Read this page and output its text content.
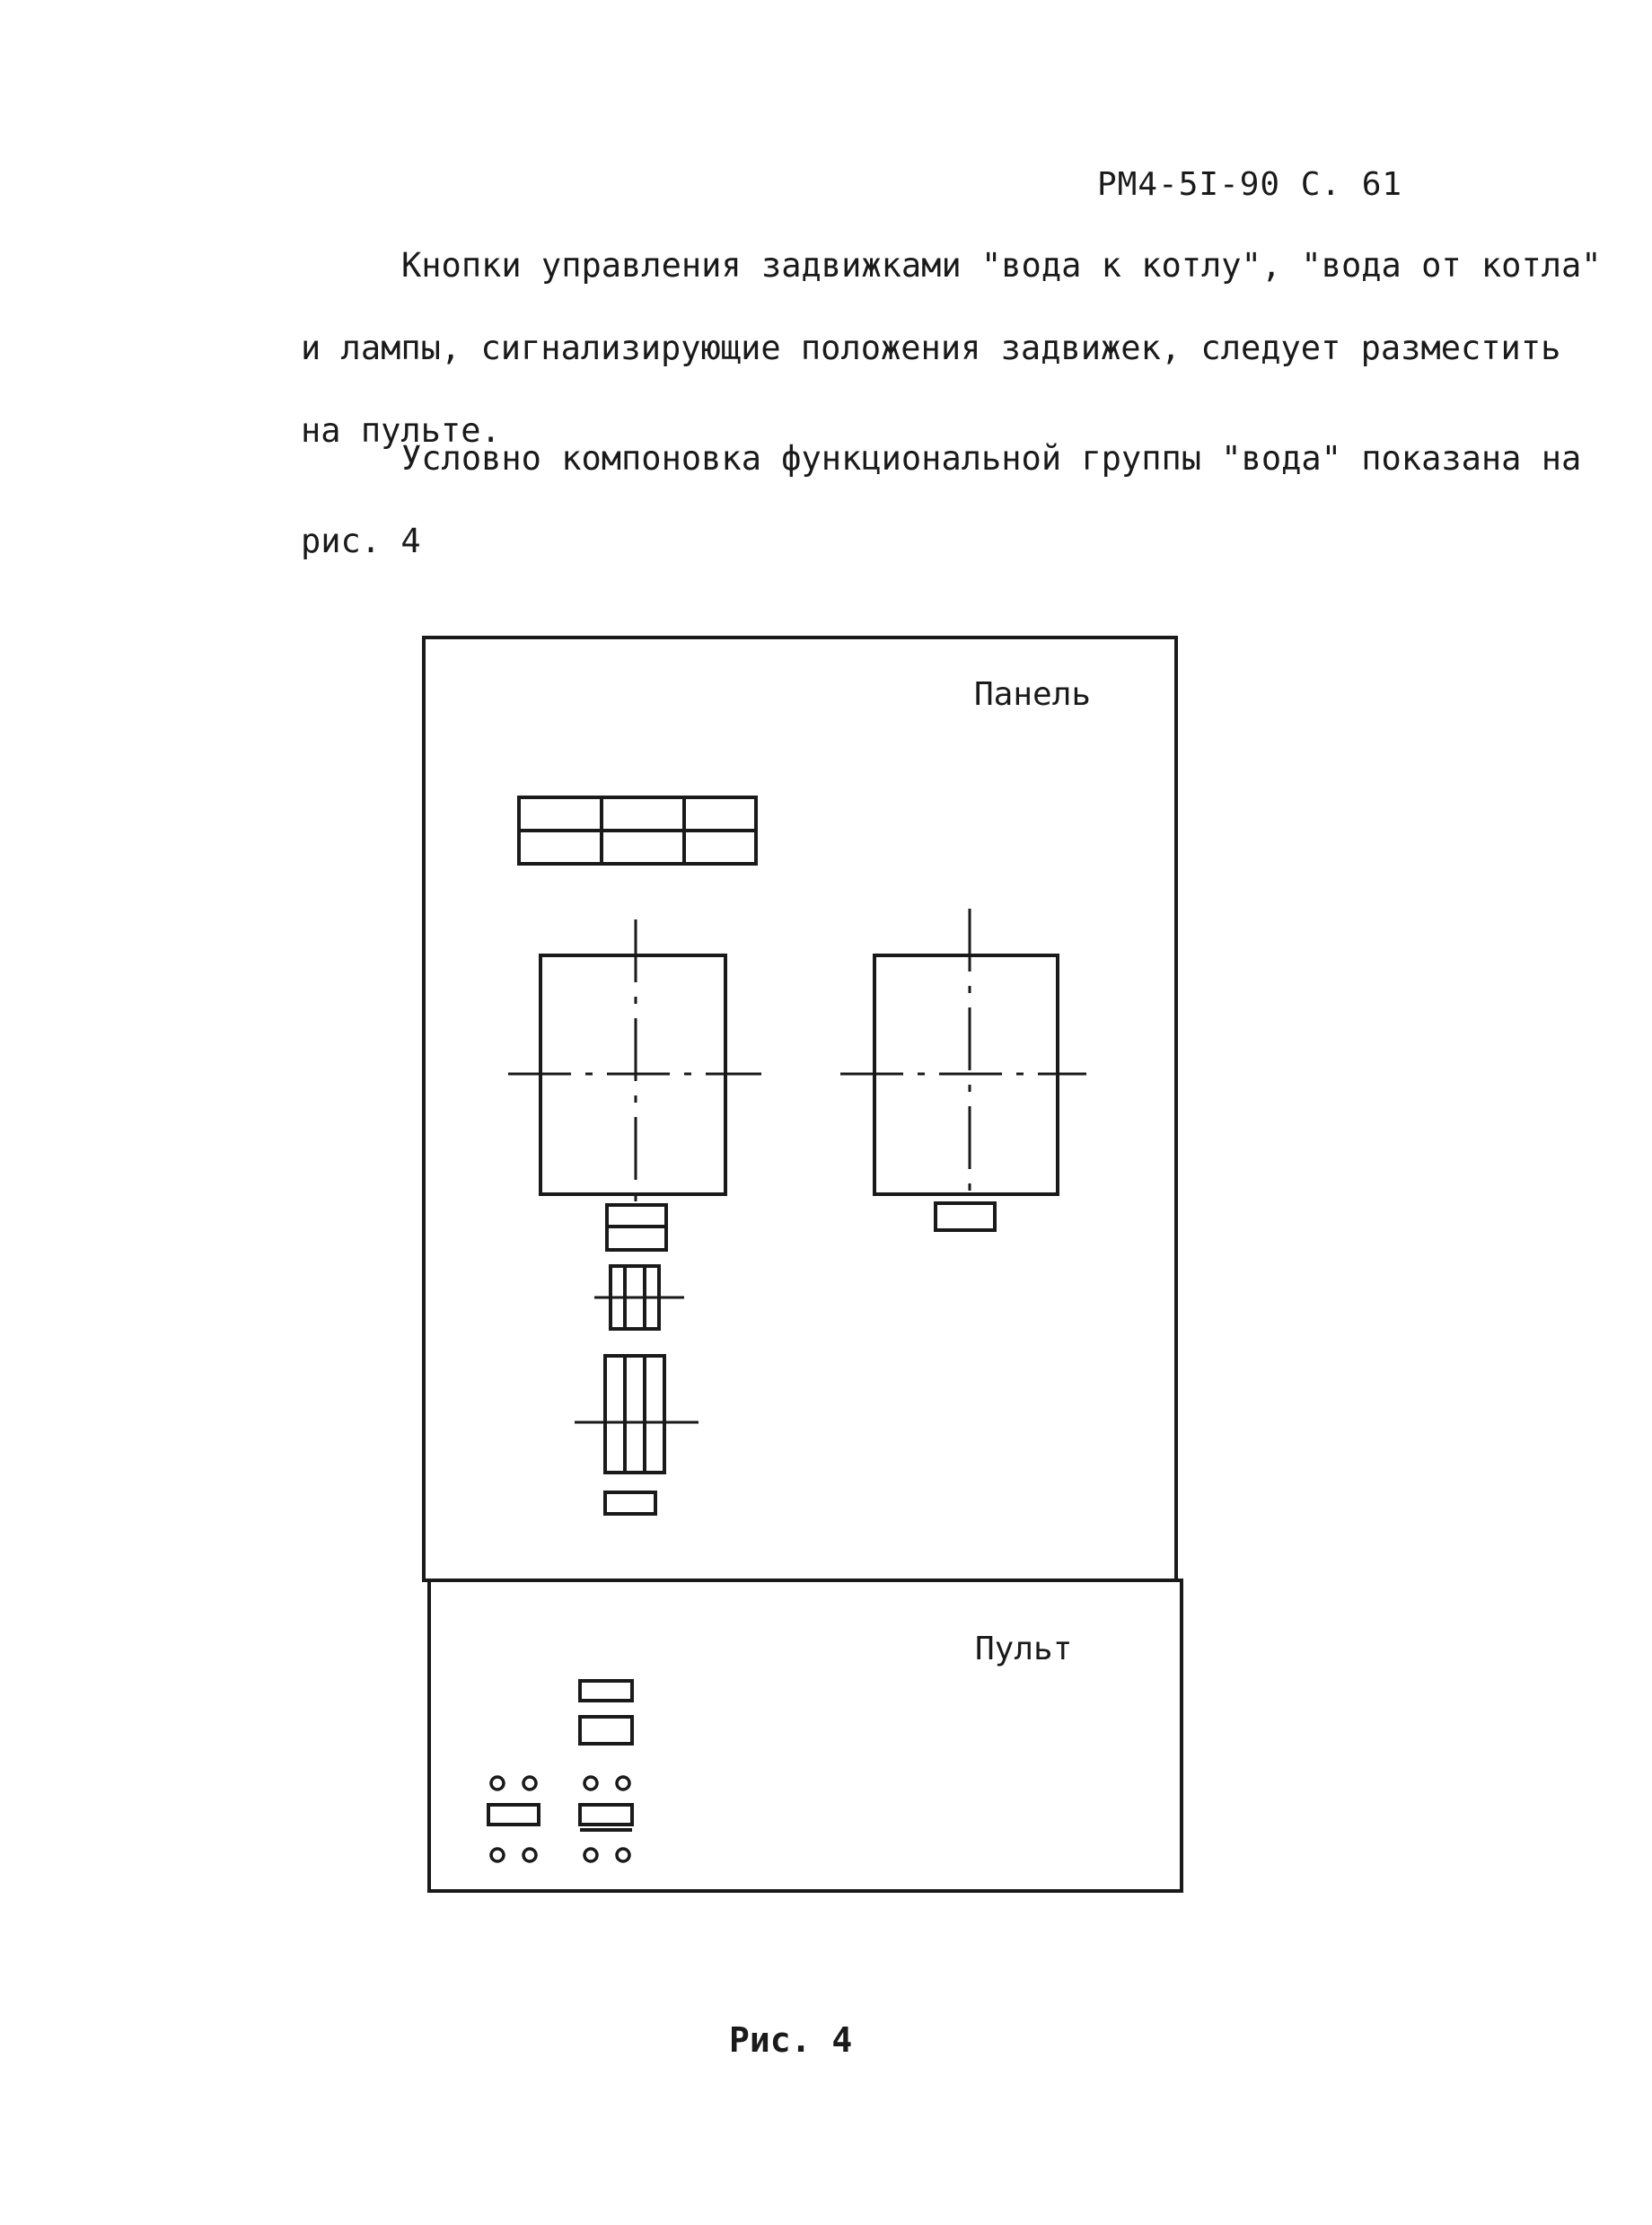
РМ4-5I-90 С. 61

Кнопки управления задвижками "вода к котлу", "вода от котла" и лампы, сигнализирующие положения задвижек, следует разместить на пульте.

Условно компоновка функциональной группы "вода" показана на рис. 4

Панель
Пульт
Рис. 4
